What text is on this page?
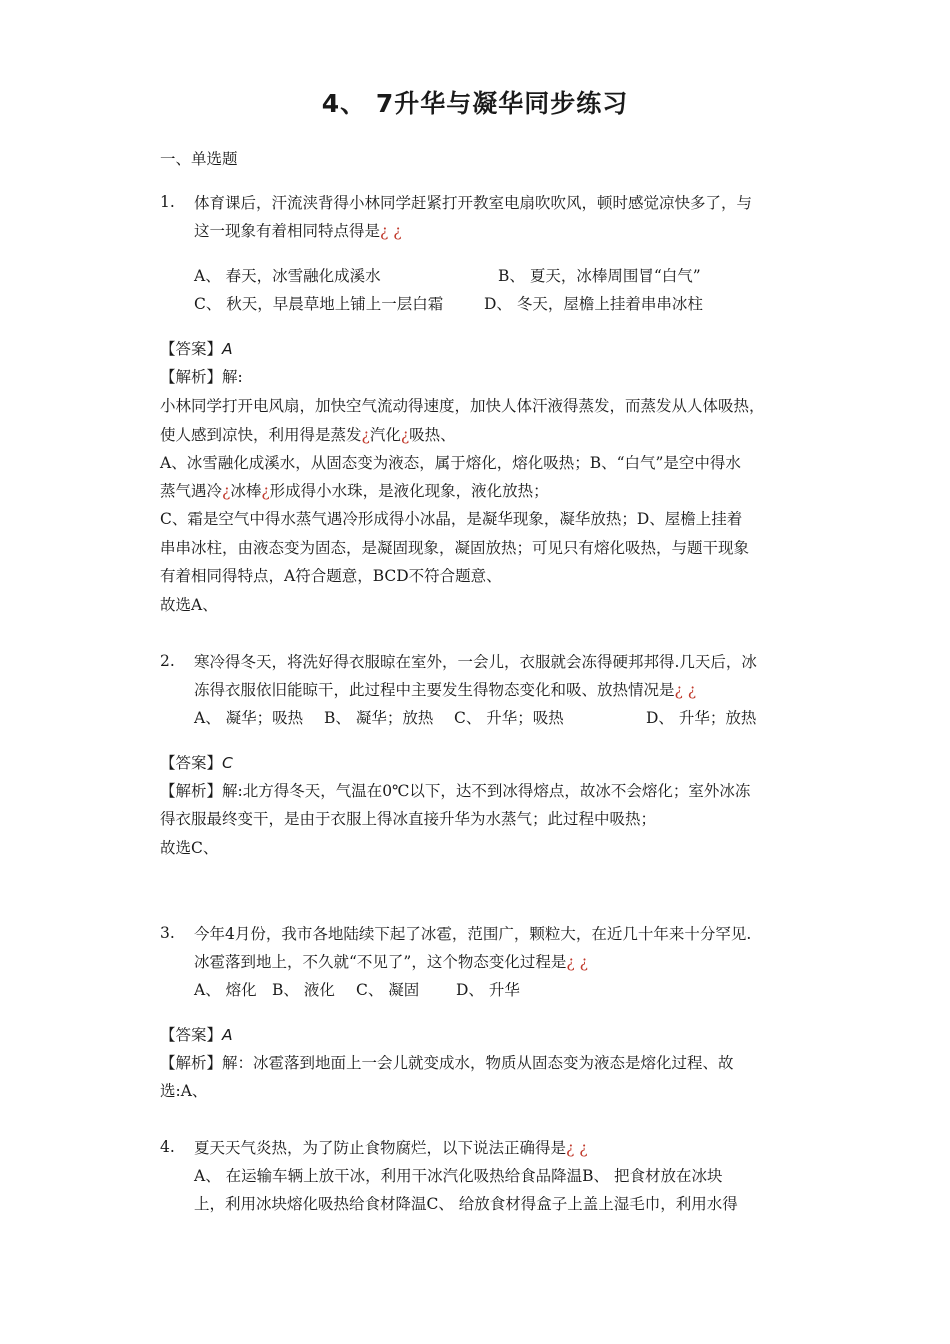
4、 7升华与凝华同步练习
一、单选题
1. 体育课后，汗流浃背得小林同学赶紧打开教室电扇吹吹风，顿时感觉凉快多了，与
这一现象有着相同特点得是¿ ¿
A、 春天，冰雪融化成溪水	B、 夏天，冰棒周围冒“白气”
C、 秋天，早晨草地上铺上一层白霜	D、 冬天，屋檐上挂着串串冰柱
【答案】A
【解析】解:
小林同学打开电风扇，加快空气流动得速度，加快人体汗液得蒸发，而蒸发从人体吸热，
使人感到凉快，利用得是蒸发¿汽化¿吸热、
A、冰雪融化成溪水，从固态变为液态，属于熔化，熔化吸热；B、“白气”是空中得水
蒸气遇冷¿冰棒¿形成得小水珠，是液化现象，液化放热；
C、霜是空气中得水蒸气遇冷形成得小冰晶，是凝华现象，凝华放热；D、屋檐上挂着
串串冰柱，由液态变为固态，是凝固现象，凝固放热；可见只有熔化吸热，与题干现象
有着相同得特点，A符合题意，BCD不符合题意、
故选A、
2. 寒冷得冬天，将洗好得衣服晾在室外，一会儿，衣服就会冻得硬邦邦得.几天后，冰
冻得衣服依旧能晾干，此过程中主要发生得物态变化和吸、放热情况是¿ ¿
A、 凝华；吸热 B、 凝华；放热 C、 升华；吸热	D、 升华；放热
【答案】C
【解析】解:北方得冬天，气温在0℃以下，达不到冰得熔点，故冰不会熔化；室外冰冻
得衣服最终变干，是由于衣服上得冰直接升华为水蒸气；此过程中吸热；
故选C、
3. 今年4月份，我市各地陆续下起了冰雹，范围广，颗粒大，在近几十年来十分罕见.
冰雹落到地上，不久就“不见了”，这个物态变化过程是¿ ¿
A、 熔化 B、 液化 C、 凝固 D、 升华
【答案】A
【解析】解：冰雹落到地面上一会儿就变成水，物质从固态变为液态是熔化过程、故
选:A、
4. 夏天天气炎热，为了防止食物腐烂，以下说法正确得是¿ ¿
A、 在运输车辆上放干冰，利用干冰汽化吸热给食品降温B、 把食材放在冰块
上，利用冰块熔化吸热给食材降温C、 给放食材得盒子上盖上湿毛巾，利用水得
